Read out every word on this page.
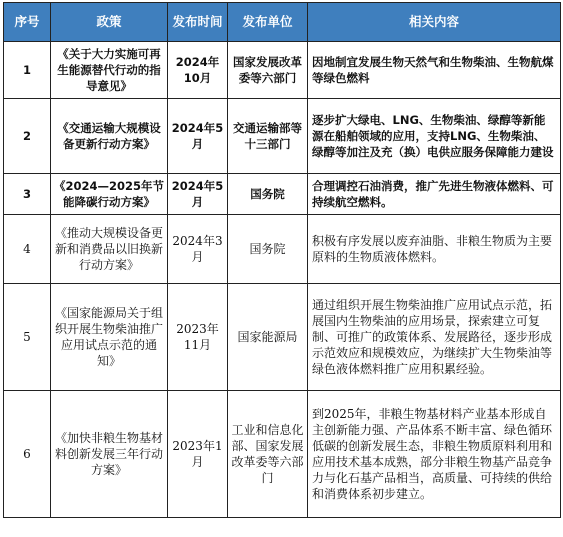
序号	政策	发布时间	发布单位	相关内容
1	《关于大力实施可再生能源替代行动的指导意见》	2024年10月	国家发展改革委等六部门	因地制宜发展生物天然气和生物柴油、生物航煤等绿色燃料
2	《交通运输大规模设备更新行动方案》	2024年5月	交通运输部等十三部门	逐步扩大绿电、LNG、生物柴油、绿醇等新能源在船舶领域的应用，支持LNG、生物柴油、绿醇等加注及充（换）电供应服务保障能力建设
3	《2024—2025年节能降碳行动方案》	2024年5月	国务院	合理调控石油消费，推广先进生物液体燃料、可持续航空燃料。
4	《推动大规模设备更新和消费品以旧换新行动方案》	2024年3月	国务院	积极有序发展以废弃油脂、非粮生物质为主要原料的生物质液体燃料。
5	《国家能源局关于组织开展生物柴油推广应用试点示范的通知》	2023年11月	国家能源局	通过组织开展生物柴油推广应用试点示范，拓展国内生物柴油的应用场景，探索建立可复制、可推广的政策体系、发展路径，逐步形成示范效应和规模效应，为继续扩大生物柴油等绿色液体燃料推广应用积累经验。
6	《加快非粮生物基材料创新发展三年行动方案》	2023年1月	工业和信息化部、国家发展改革委等六部门	到2025年，非粮生物基材料产业基本形成自主创新能力强、产品体系不断丰富、绿色循环低碳的创新发展生态，非粮生物质原料利用和应用技术基本成熟，部分非粮生物基产品竞争力与化石基产品相当，高质量、可持续的供给和消费体系初步建立。
